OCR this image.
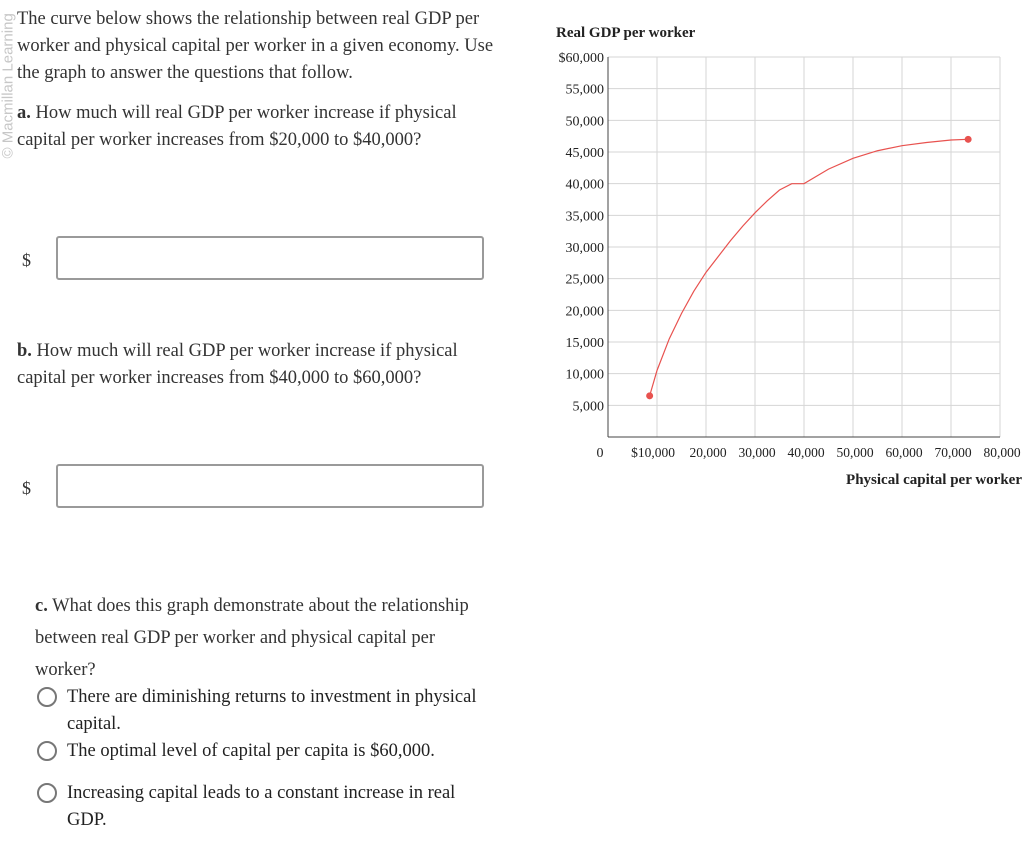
© Macmillan Learning The curve below shows the relationship between real GDP per worker and physical capital per worker in a given economy. Use the graph to answer the questions that follow.
a. How much will real GDP per worker increase if physical capital per worker increases from $20,000 to $40,000?
$
b. How much will real GDP per worker increase if physical capital per worker increases from $40,000 to $60,000?
$
c. What does this graph demonstrate about the relationship between real GDP per worker and physical capital per worker?
There are diminishing returns to investment in physical capital.
The optimal level of capital per capita is $60,000.
Increasing capital leads to a constant increase in real GDP.
Real GDP per worker
5,000
10,000
15,000
20,000
25,000
30,000
35,000
40,000
45,000
50,000
55,000
$60,000
0 $10,000 20,000 30,000 40,000 50,000 60,000 70,000 80,000
Physical capital per worker
